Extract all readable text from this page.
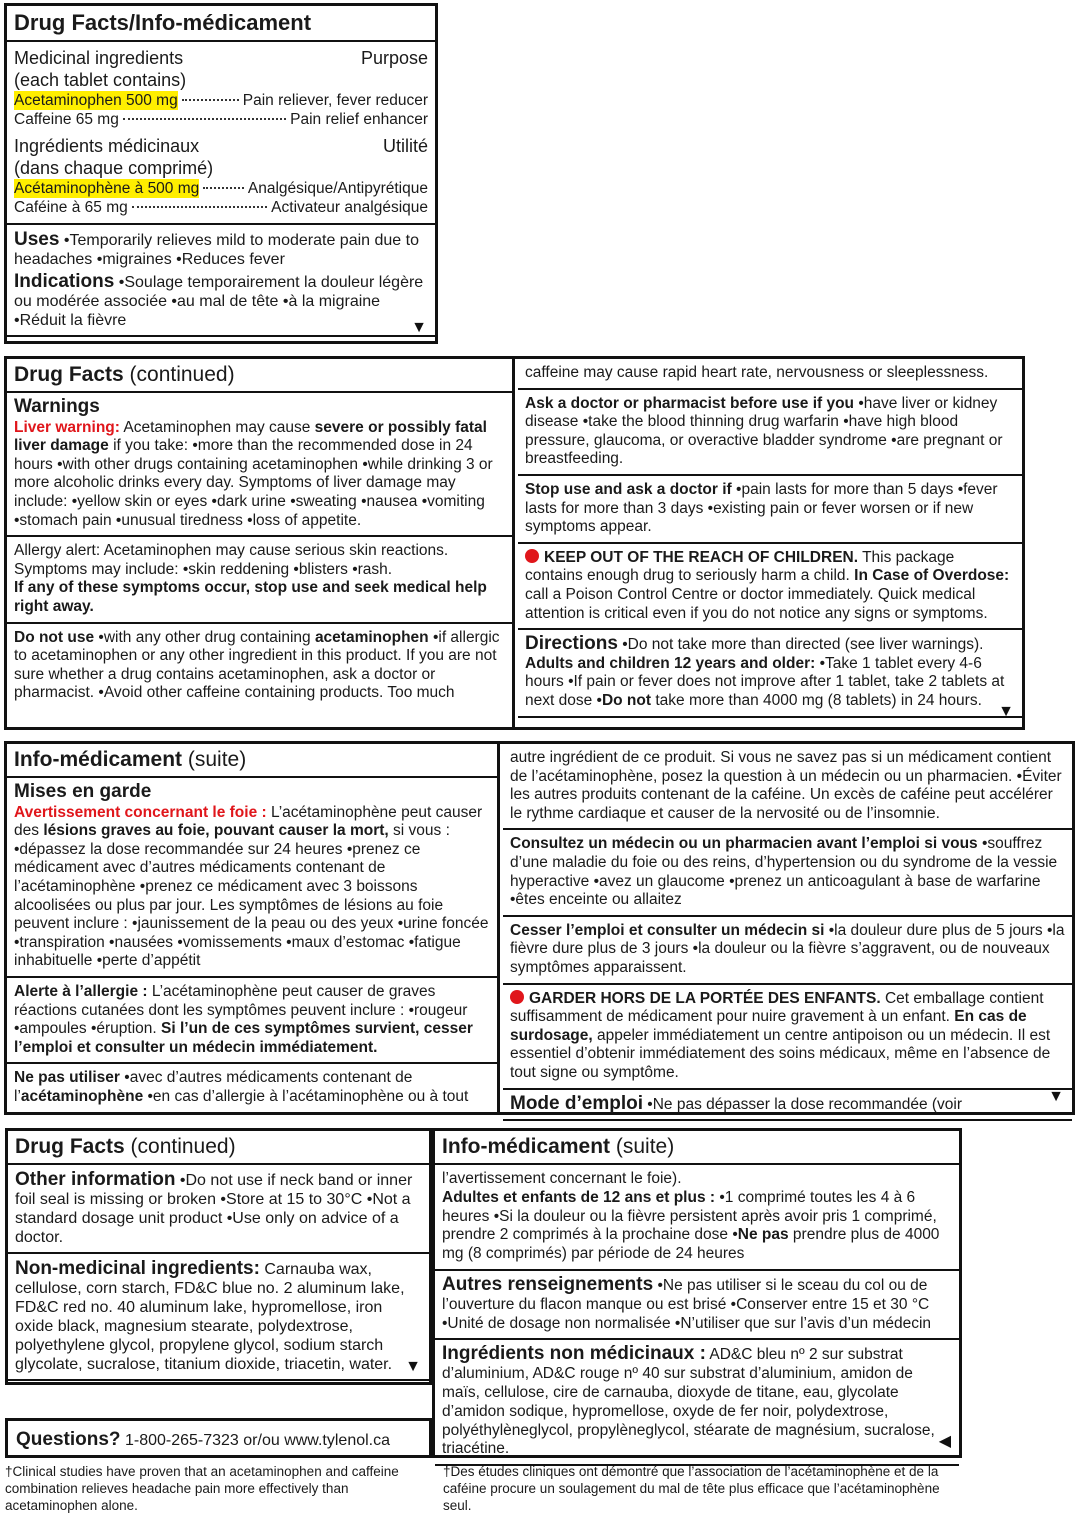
Drug Facts/Info-médicament
Medicinal ingredients	Purpose
(each tablet contains)
Acetaminophen 500 mg	Pain reliever, fever reducer
Caffeine 65 mg	Pain relief enhancer
Ingrédients médicinaux	Utilité
(dans chaque comprimé)
Acétaminophène à 500 mg	Analgésique/Antipyrétique
Caféine à 65 mg	Activateur analgésique
Uses •Temporarily relieves mild to moderate pain due to headaches •migraines •Reduces fever
Indications •Soulage temporairement la douleur légère ou modérée associée •au mal de tête •à la migraine •Réduit la fièvre	▼
Drug Facts (continued)
Warnings
Liver warning: Acetaminophen may cause severe or possibly fatal liver damage if you take: •more than the recommended dose in 24 hours •with other drugs containing acetaminophen •while drinking 3 or more alcoholic drinks every day. Symptoms of liver damage may include: •yellow skin or eyes •dark urine •sweating •nausea •vomiting •stomach pain •unusual tiredness •loss of appetite.
Allergy alert: Acetaminophen may cause serious skin reactions. Symptoms may include: •skin reddening •blisters •rash.
If any of these symptoms occur, stop use and seek medical help right away.
Do not use •with any other drug containing acetaminophen •if allergic to acetaminophen or any other ingredient in this product. If you are not sure whether a drug contains acetaminophen, ask a doctor or pharmacist. •Avoid other caffeine containing products. Too much
caffeine may cause rapid heart rate, nervousness or sleeplessness.
Ask a doctor or pharmacist before use if you •have liver or kidney disease •take the blood thinning drug warfarin •have high blood pressure, glaucoma, or overactive bladder syndrome •are pregnant or breastfeeding.
Stop use and ask a doctor if •pain lasts for more than 5 days •fever lasts for more than 3 days •existing pain or fever worsen or if new symptoms appear.
KEEP OUT OF THE REACH OF CHILDREN. This package contains enough drug to seriously harm a child. In Case of Overdose: call a Poison Control Centre or doctor immediately. Quick medical attention is critical even if you do not notice any signs or symptoms.
Directions •Do not take more than directed (see liver warnings).
Adults and children 12 years and older: •Take 1 tablet every 4-6 hours •If pain or fever does not improve after 1 tablet, take 2 tablets at next dose •Do not take more than 4000 mg (8 tablets) in 24 hours.
▼
Info-médicament (suite)
Mises en garde
Avertissement concernant le foie : L’acétaminophène peut causer des lésions graves au foie, pouvant causer la mort, si vous : •dépassez la dose recommandée sur 24 heures •prenez ce médicament avec d’autres médicaments contenant de l’acétaminophène •prenez ce médicament avec 3 boissons alcoolisées ou plus par jour. Les symptômes de lésions au foie peuvent inclure : •jaunissement de la peau ou des yeux •urine foncée •transpiration •nausées •vomissements •maux d’estomac •fatigue inhabituelle •perte d’appétit
Alerte à l’allergie : L’acétaminophène peut causer de graves réactions cutanées dont les symptômes peuvent inclure : •rougeur •ampoules •éruption. Si l’un de ces symptômes survient, cesser l’emploi et consulter un médecin immédiatement.
Ne pas utiliser •avec d’autres médicaments contenant de l’acétaminophène •en cas d’allergie à l’acétaminophène ou à tout
autre ingrédient de ce produit. Si vous ne savez pas si un médicament contient de l’acétaminophène, posez la question à un médecin ou un pharmacien. •Éviter les autres produits contenant de la caféine. Un excès de caféine peut accélérer le rythme cardiaque et causer de la nervosité ou de l’insomnie.
Consultez un médecin ou un pharmacien avant l’emploi si vous •souffrez d’une maladie du foie ou des reins, d’hypertension ou du syndrome de la vessie hyperactive •avez un glaucome •prenez un anticoagulant à base de warfarine •êtes enceinte ou allaitez
Cesser l’emploi et consulter un médecin si •la douleur dure plus de 5 jours •la fièvre dure plus de 3 jours •la douleur ou la fièvre s’aggravent, ou de nouveaux symptômes apparaissent.
GARDER HORS DE LA PORTÉE DES ENFANTS. Cet emballage contient suffisamment de médicament pour nuire gravement à un enfant. En cas de surdosage, appeler immédiatement un centre antipoison ou un médecin. Il est essentiel d’obtenir immédiatement des soins médicaux, même en l’absence de tout signe ou symptôme.
Mode d’emploi •Ne pas dépasser la dose recommandée (voir	▼
Drug Facts (continued)
Other information •Do not use if neck band or inner foil seal is missing or broken •Store at 15 to 30°C •Not a standard dosage unit product •Use only on advice of a doctor.
Non-medicinal ingredients: Carnauba wax, cellulose, corn starch, FD&C blue no. 2 aluminum lake, FD&C red no. 40 aluminum lake, hypromellose, iron oxide black, magnesium stearate, polydextrose, polyethylene glycol, propylene glycol, sodium starch glycolate, sucralose, titanium dioxide, triacetin, water. ▼
Questions? 1-800-265-7323 or/ou www.tylenol.ca
Info-médicament (suite)
l’avertissement concernant le foie).
Adultes et enfants de 12 ans et plus : •1 comprimé toutes les 4 à 6 heures •Si la douleur ou la fièvre persistent après avoir pris 1 comprimé, prendre 2 comprimés à la prochaine dose •Ne pas prendre plus de 4000 mg (8 comprimés) par période de 24 heures
Autres renseignements •Ne pas utiliser si le sceau du col ou de l’ouverture du flacon manque ou est brisé •Conserver entre 15 et 30 °C •Unité de dosage non normalisée •N’utiliser que sur l’avis d’un médecin
Ingrédients non médicinaux : AD&C bleu nº 2 sur substrat d’aluminium, AD&C rouge nº 40 sur substrat d’aluminium, amidon de maïs, cellulose, cire de carnauba, dioxyde de titane, eau, glycolate d’amidon sodique, hypromellose, oxyde de fer noir, polydextrose, polyéthylèneglycol, propylèneglycol, stéarate de magnésium, sucralose, triacétine.	◀
†Clinical studies have proven that an acetaminophen and caffeine combination relieves headache pain more effectively than acetaminophen alone.
†Des études cliniques ont démontré que l’association de l’acétaminophène et de la caféine procure un soulagement du mal de tête plus efficace que l’acétaminophène seul.
